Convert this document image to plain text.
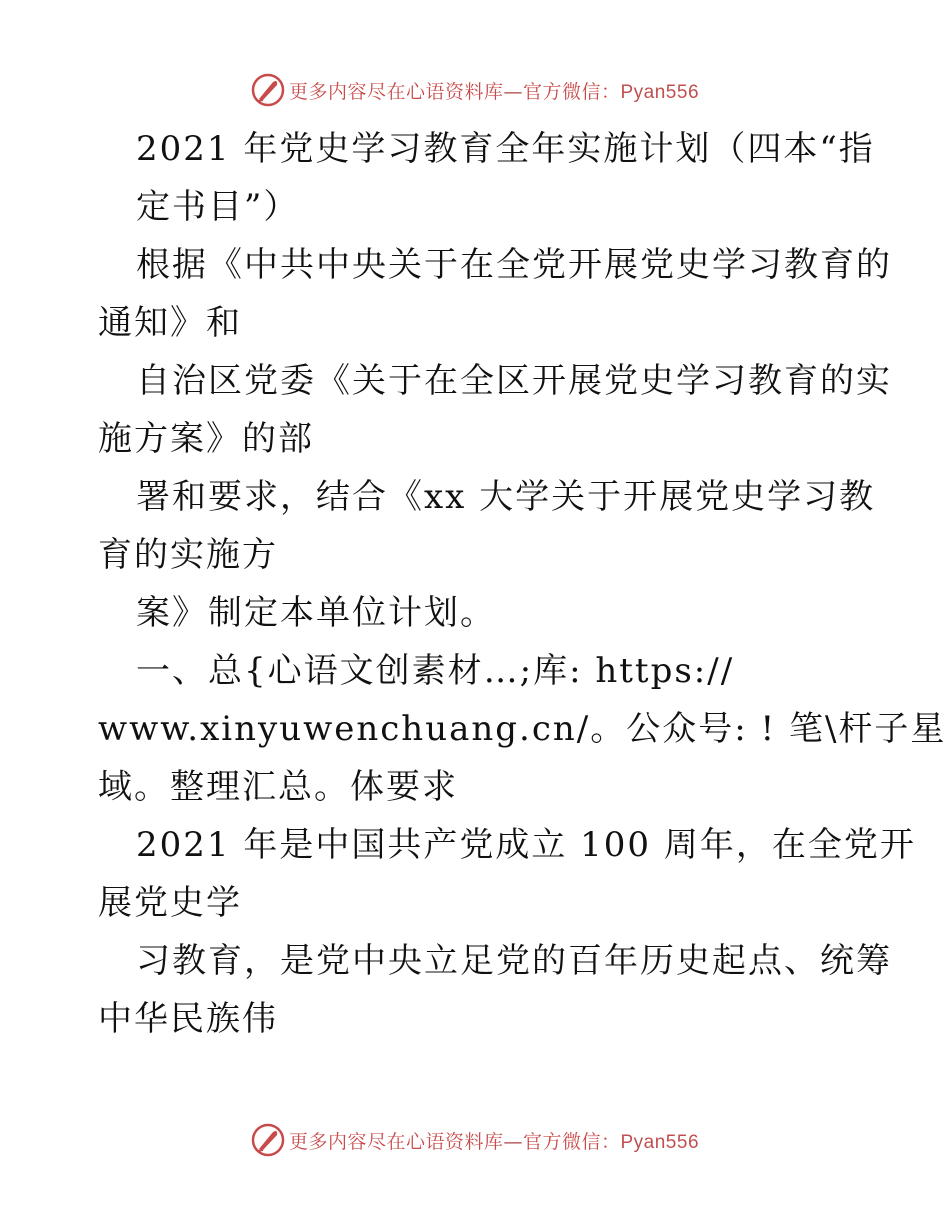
更多内容尽在心语资料库—官方微信：Pyan556
2021 年党史学习教育全年实施计划（四本“指
定书目”）
根据《中共中央关于在全党开展党史学习教育的
通知》和
自治区党委《关于在全区开展党史学习教育的实
施方案》的部
署和要求，结合《xx 大学关于开展党史学习教
育的实施方
案》制定本单位计划。
一、总{心语文创素材…;库: https://
www.xinyuwenchuang.cn/。公众号: ! 笔\杆子星
域。整理汇总。体要求
2021 年是中国共产党成立 100 周年，在全党开
展党史学
习教育，是党中央立足党的百年历史起点、统筹
中华民族伟
更多内容尽在心语资料库—官方微信：Pyan556
